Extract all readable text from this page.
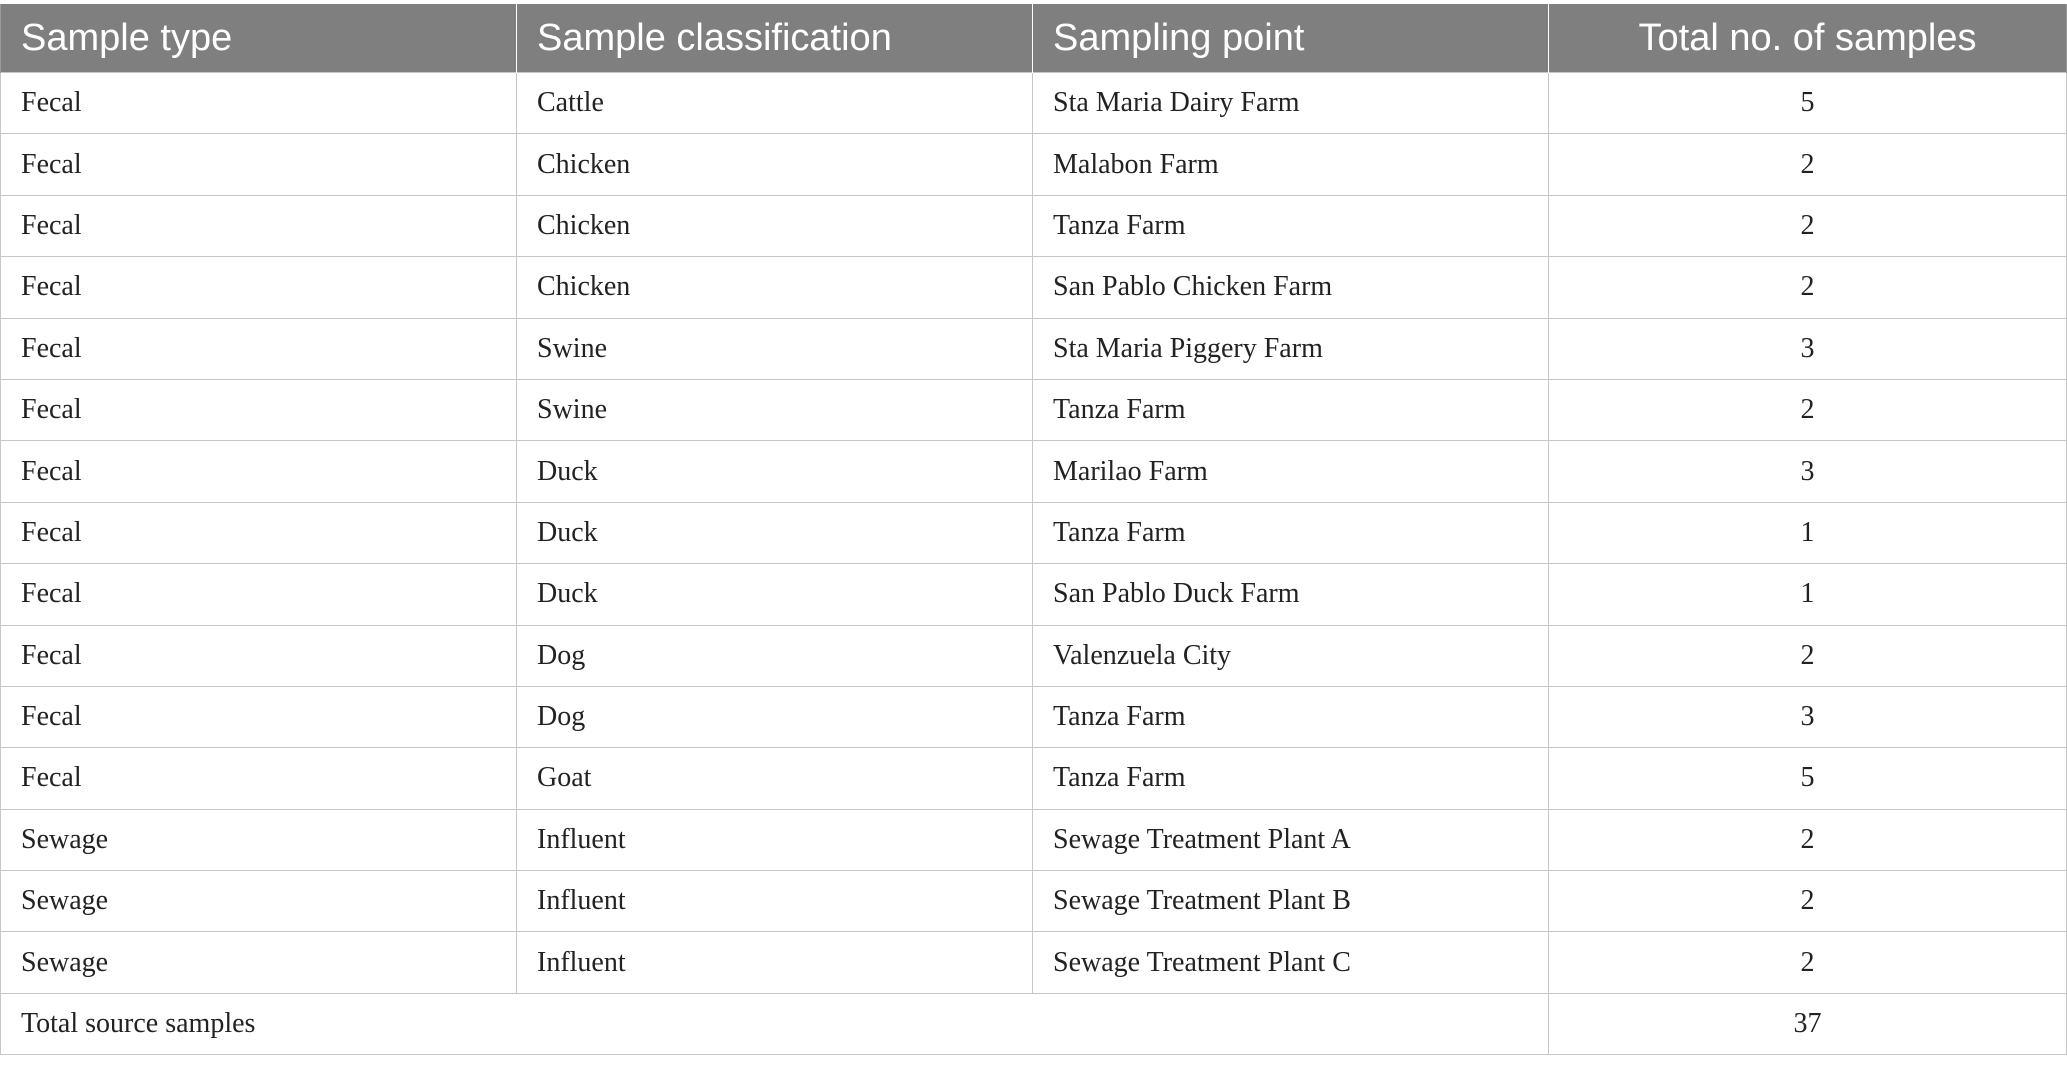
Sample type	Sample classification	Sampling point	Total no. of samples
Fecal	Cattle	Sta Maria Dairy Farm	5
Fecal	Chicken	Malabon Farm	2
Fecal	Chicken	Tanza Farm	2
Fecal	Chicken	San Pablo Chicken Farm	2
Fecal	Swine	Sta Maria Piggery Farm	3
Fecal	Swine	Tanza Farm	2
Fecal	Duck	Marilao Farm	3
Fecal	Duck	Tanza Farm	1
Fecal	Duck	San Pablo Duck Farm	1
Fecal	Dog	Valenzuela City	2
Fecal	Dog	Tanza Farm	3
Fecal	Goat	Tanza Farm	5
Sewage	Influent	Sewage Treatment Plant A	2
Sewage	Influent	Sewage Treatment Plant B	2
Sewage	Influent	Sewage Treatment Plant C	2
Total source samples			37
